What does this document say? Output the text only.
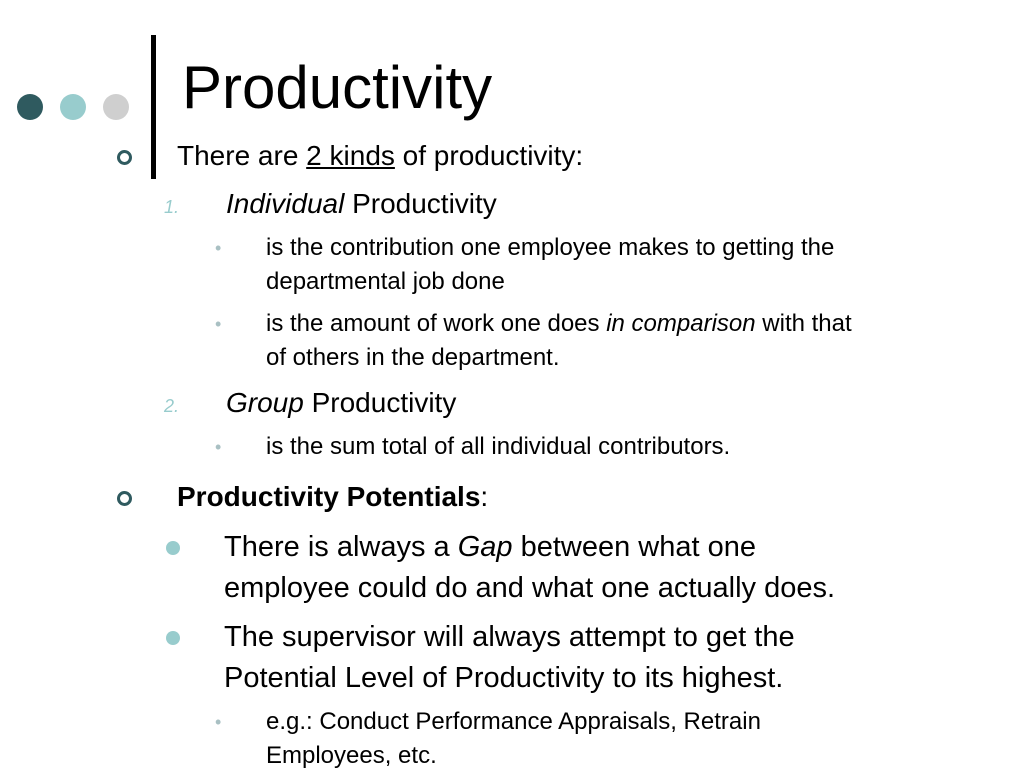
Productivity
There are 2 kinds of productivity:
1. Individual Productivity
• is the contribution one employee makes to getting the
departmental job done
• is the amount of work one does in comparison with that
of others in the department.
2. Group Productivity
• is the sum total of all individual contributors.
Productivity Potentials:
There is always a Gap between what one
employee could do and what one actually does.
The supervisor will always attempt to get the
Potential Level of Productivity to its highest.
• e.g.: Conduct Performance Appraisals, Retrain
Employees, etc.
